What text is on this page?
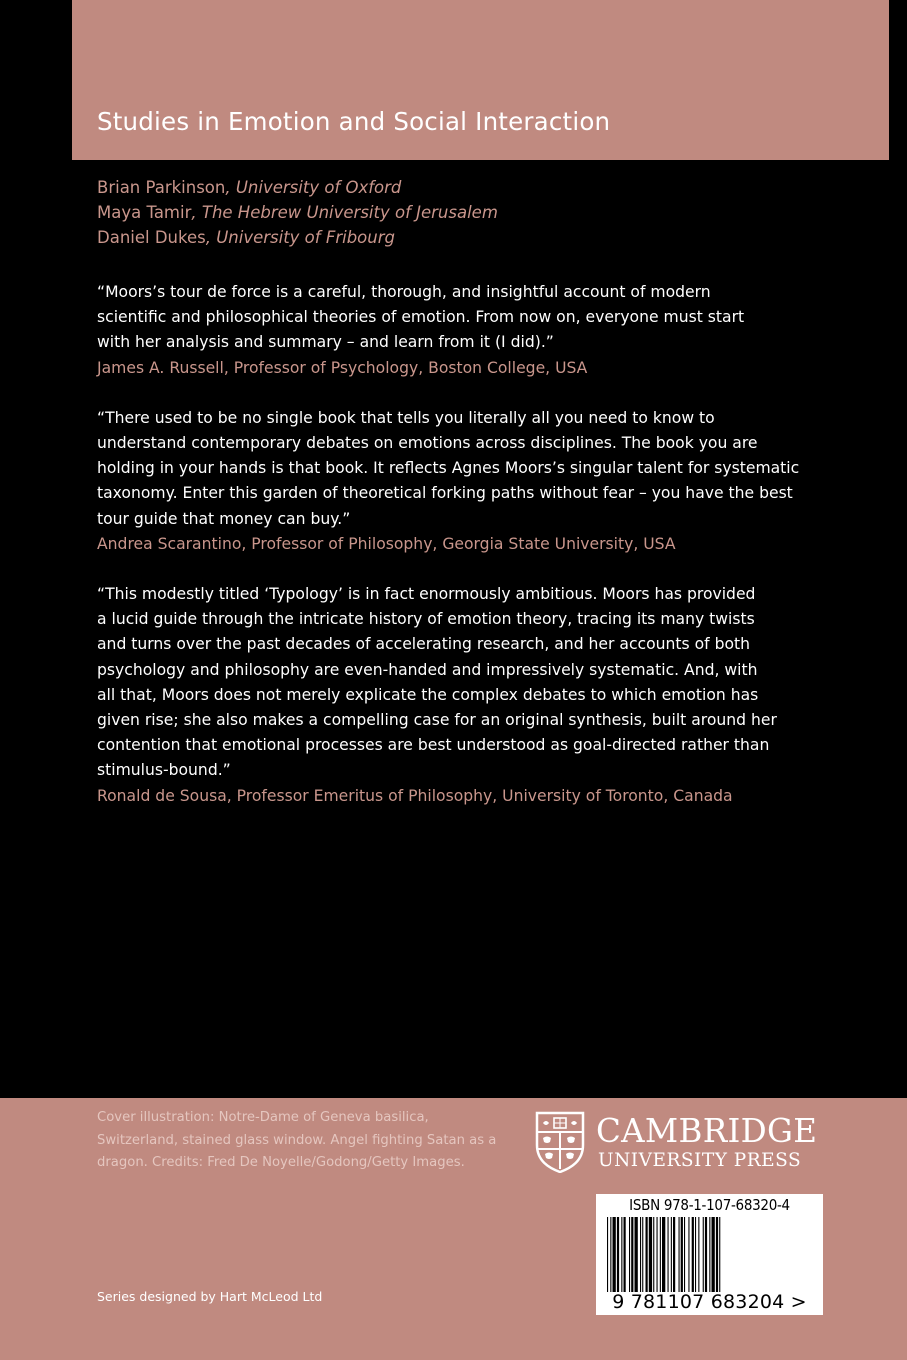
Studies in Emotion and Social Interaction
Brian Parkinson, University of Oxford
Maya Tamir, The Hebrew University of Jerusalem
Daniel Dukes, University of Fribourg

“Moors’s tour de force is a careful, thorough, and insightful account of modern

scientific and philosophical theories of emotion. From now on, everyone must start

with her analysis and summary – and learn from it (I did).”

James A. Russell, Professor of Psychology, Boston College, USA

“There used to be no single book that tells you literally all you need to know to

understand contemporary debates on emotions across disciplines. The book you are

holding in your hands is that book. It reflects Agnes Moors’s singular talent for systematic

taxonomy. Enter this garden of theoretical forking paths without fear – you have the best

tour guide that money can buy.”

Andrea Scarantino, Professor of Philosophy, Georgia State University, USA

“This modestly titled ‘Typology’ is in fact enormously ambitious. Moors has provided

a lucid guide through the intricate history of emotion theory, tracing its many twists

and turns over the past decades of accelerating research, and her accounts of both

psychology and philosophy are even-handed and impressively systematic. And, with

all that, Moors does not merely explicate the complex debates to which emotion has

given rise; she also makes a compelling case for an original synthesis, built around her

contention that emotional processes are best understood as goal-directed rather than

stimulus-bound.”

Ronald de Sousa, Professor Emeritus of Philosophy, University of Toronto, Canada

Cover illustration: Notre-Dame of Geneva basilica,
Switzerland, stained glass window. Angel fighting Satan as a
dragon. Credits: Fred De Noyelle/Godong/Getty Images.

Series designed by Hart McLeod Ltd

CAMBRIDGE

UNIVERSITY PRESS

ISBN 978-1-107-68320-4

9 781107 683204 >
